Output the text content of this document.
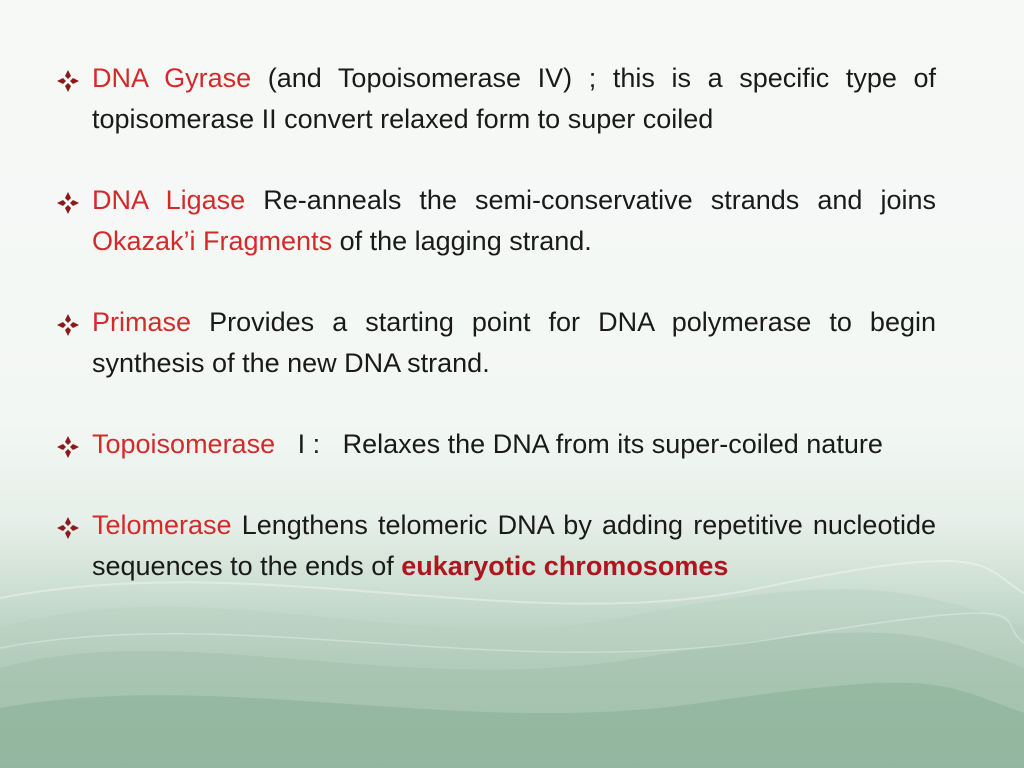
DNA Gyrase (and Topoisomerase IV) ; this is a specific type of topisomerase II convert relaxed form to super coiled
DNA Ligase Re-anneals the semi-conservative strands and joins Okazak’i Fragments of the lagging strand.
Primase Provides a starting point for DNA polymerase to begin synthesis of the new DNA strand.
Topoisomerase   I :   Relaxes the DNA from its super-coiled nature
Telomerase Lengthens telomeric DNA by adding repetitive nucleotide sequences to the ends of eukaryotic chromosomes
